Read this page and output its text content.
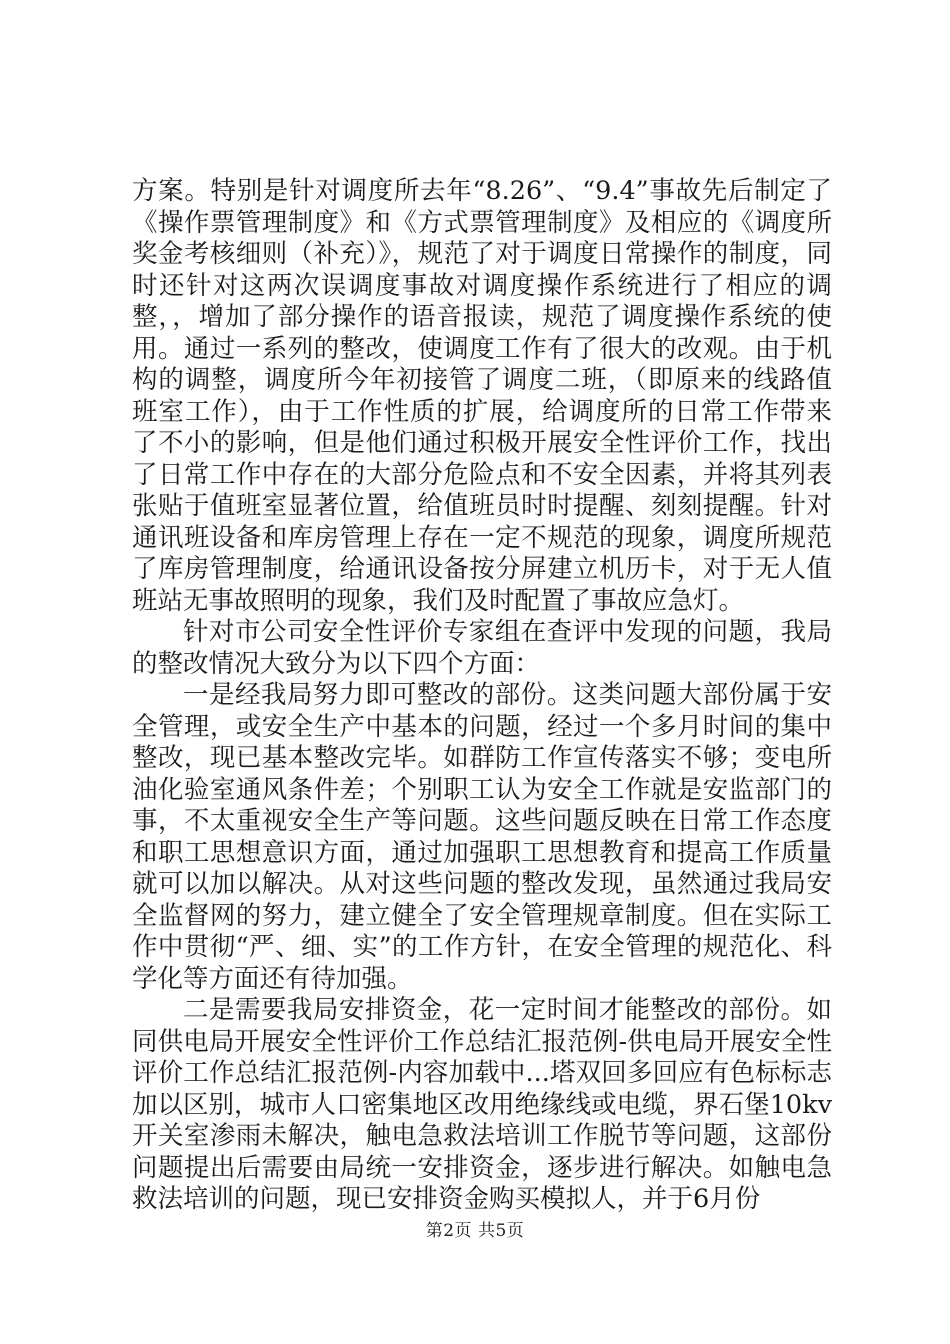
方案。特别是针对调度所去年“8.26”、“9.4”事故先后制定了《操作票管理制度》和《方式票管理制度》及相应的《调度所奖金考核细则（补充）》，规范了对于调度日常操作的制度，同时还针对这两次误调度事故对调度操作系统进行了相应的调整，，增加了部分操作的语音报读，规范了调度操作系统的使用。通过一系列的整改，使调度工作有了很大的改观。由于机构的调整，调度所今年初接管了调度二班，（即原来的线路值班室工作），由于工作性质的扩展，给调度所的日常工作带来了不小的影响，但是他们通过积极开展安全性评价工作，找出了日常工作中存在的大部分危险点和不安全因素，并将其列表张贴于值班室显著位置，给值班员时时提醒、刻刻提醒。针对通讯班设备和库房管理上存在一定不规范的现象，调度所规范了库房管理制度，给通讯设备按分屏建立机历卡，对于无人值班站无事故照明的现象，我们及时配置了事故应急灯。

针对市公司安全性评价专家组在查评中发现的问题，我局的整改情况大致分为以下四个方面：

一是经我局努力即可整改的部份。这类问题大部份属于安全管理，或安全生产中基本的问题，经过一个多月时间的集中整改，现已基本整改完毕。如群防工作宣传落实不够；变电所油化验室通风条件差；个别职工认为安全工作就是安监部门的事，不太重视安全生产等问题。这些问题反映在日常工作态度和职工思想意识方面，通过加强职工思想教育和提高工作质量就可以加以解决。从对这些问题的整改发现，虽然通过我局安全监督网的努力，建立健全了安全管理规章制度。但在实际工作中贯彻“严、细、实”的工作方针，在安全管理的规范化、科学化等方面还有待加强。

二是需要我局安排资金，花一定时间才能整改的部份。如同供电局开展安全性评价工作总结汇报范例-供电局开展安全性评价工作总结汇报范例-内容加载中...塔双回多回应有色标标志加以区别，城市人口密集地区改用绝缘线或电缆，界石堡10kv开关室渗雨未解决，触电急救法培训工作脱节等问题，这部份问题提出后需要由局统一安排资金，逐步进行解决。如触电急救法培训的问题，现已安排资金购买模拟人，并于6月份

第2页 共5页
